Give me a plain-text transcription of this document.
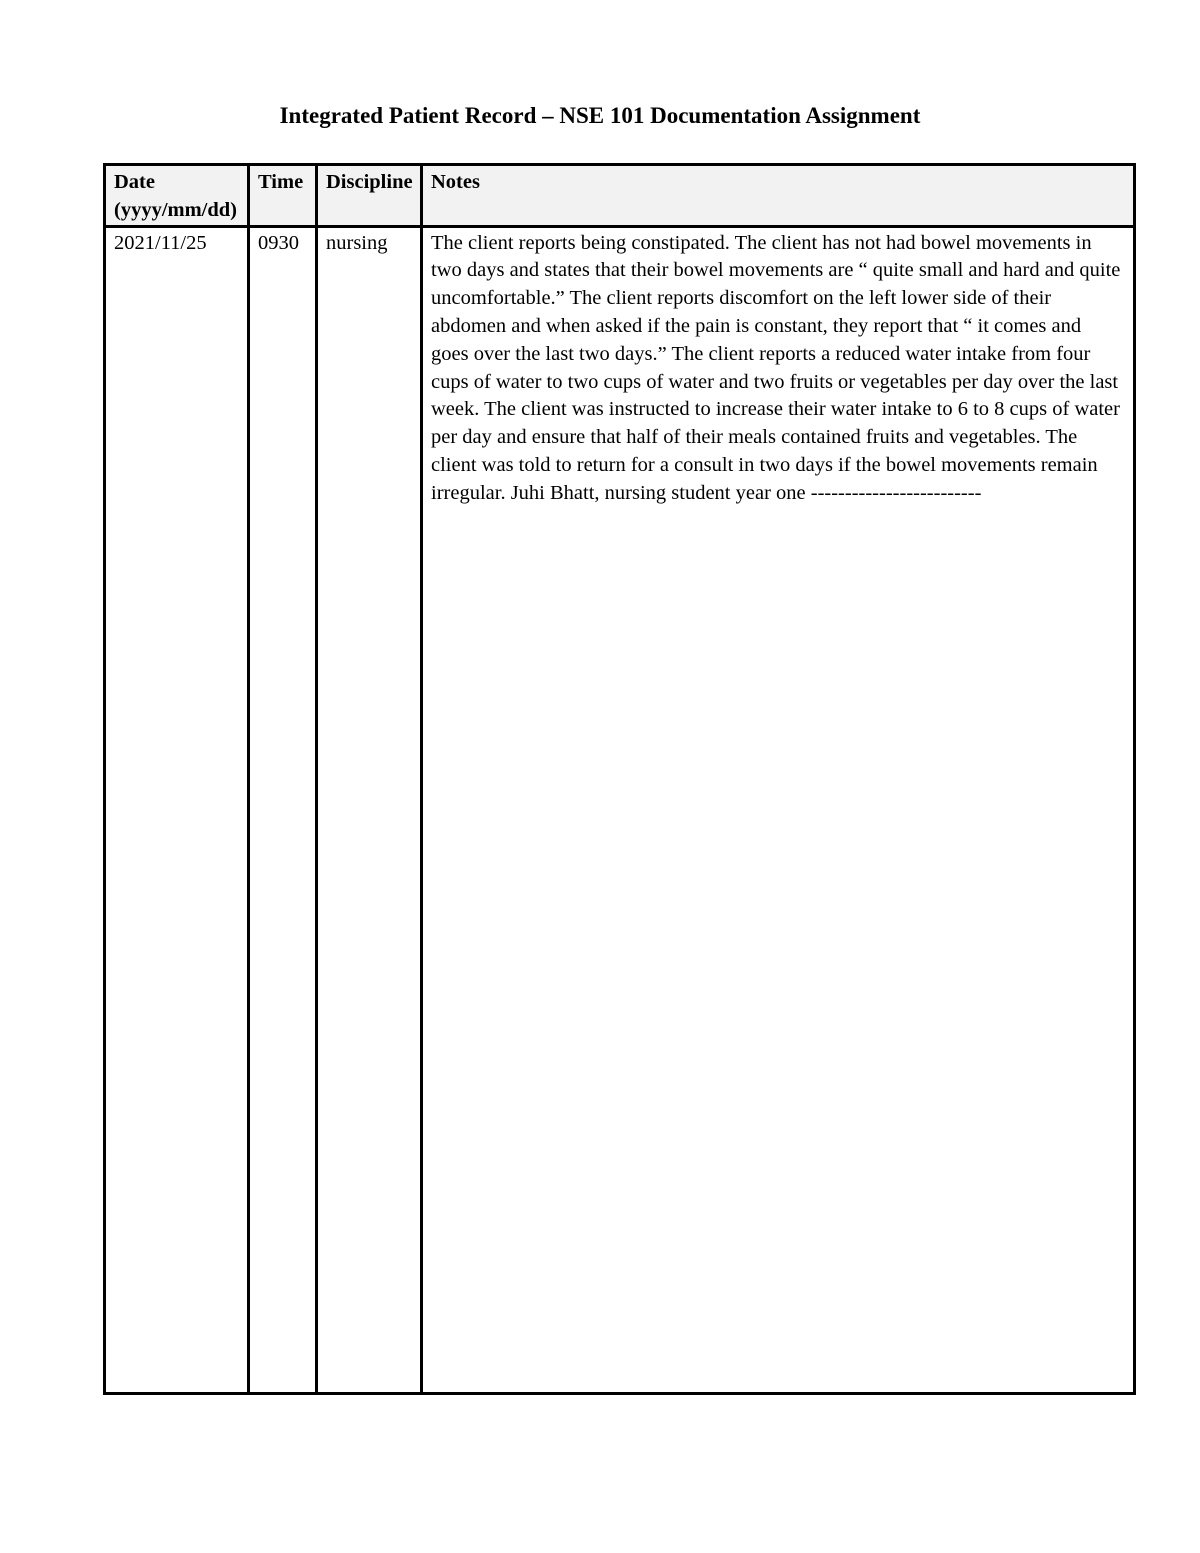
Integrated Patient Record – NSE 101 Documentation Assignment
Date (yyyy/mm/dd)	Time	Discipline	Notes
2021/11/25	0930	nursing	The client reports being constipated. The client has not had bowel movements in two days and states that their bowel movements are “ quite small and hard and quite uncomfortable.” The client reports discomfort on the left lower side of their abdomen and when asked if the pain is constant, they report that “ it comes and goes over the last two days.” The client reports a reduced water intake from four cups of water to two cups of water and two fruits or vegetables per day over the last week. The client was instructed to increase their water intake to 6 to 8 cups of water per day and ensure that half of their meals contained fruits and vegetables. The client was told to return for a consult in two days if the bowel movements remain irregular. Juhi Bhatt, nursing student year one -------------------------
